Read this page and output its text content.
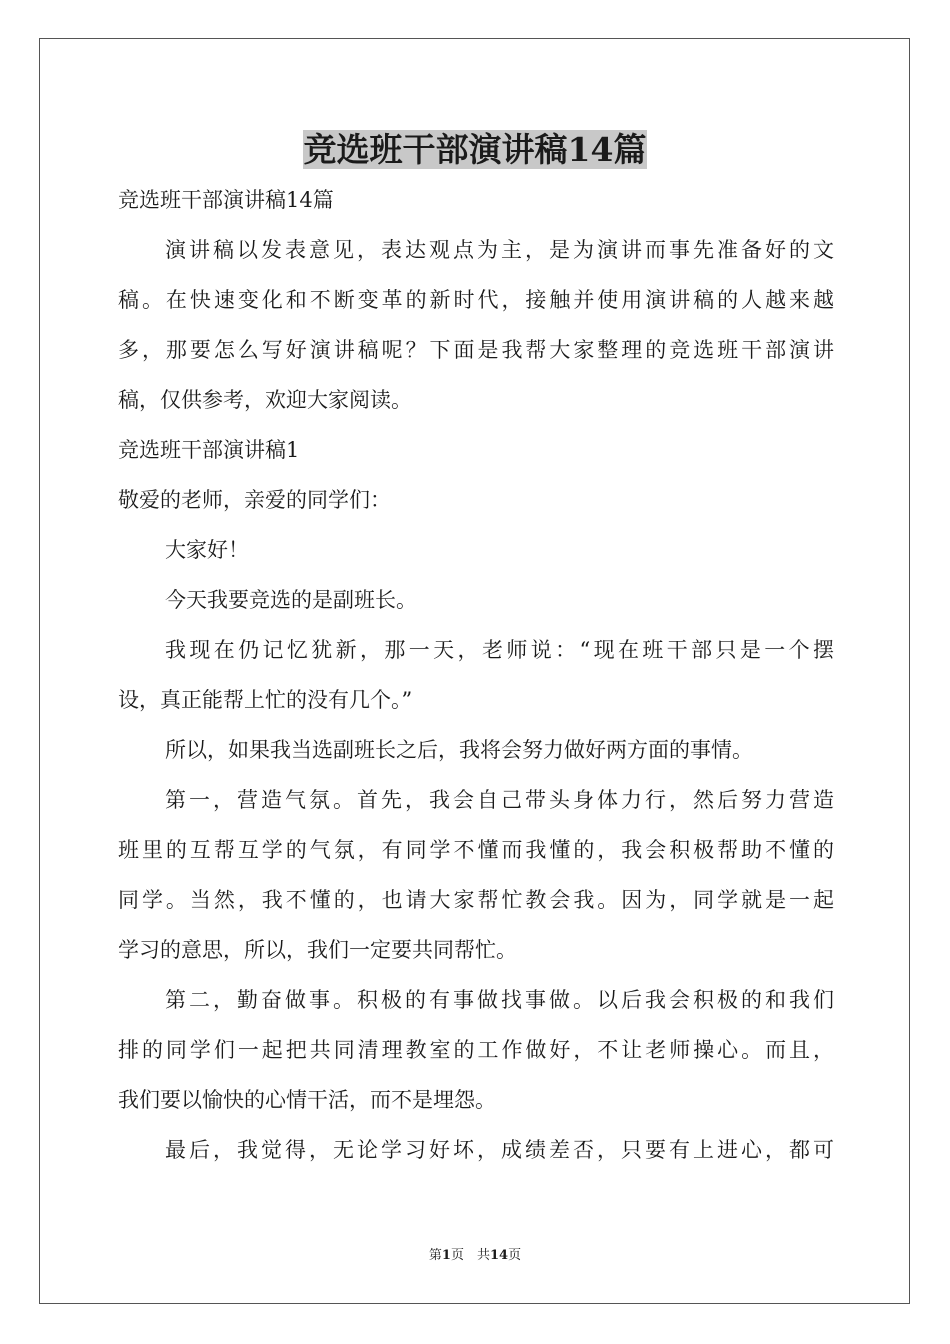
竞选班干部演讲稿14篇

竞选班干部演讲稿14篇

演讲稿以发表意见，表达观点为主，是为演讲而事先准备好的文

稿。在快速变化和不断变革的新时代，接触并使用演讲稿的人越来越

多，那要怎么写好演讲稿呢？下面是我帮大家整理的竞选班干部演讲

稿，仅供参考，欢迎大家阅读。

竞选班干部演讲稿1

敬爱的老师，亲爱的同学们：

大家好！

今天我要竞选的是副班长。

我现在仍记忆犹新，那一天，老师说：“现在班干部只是一个摆

设，真正能帮上忙的没有几个。”

所以，如果我当选副班长之后，我将会努力做好两方面的事情。

第一，营造气氛。首先，我会自己带头身体力行，然后努力营造

班里的互帮互学的气氛，有同学不懂而我懂的，我会积极帮助不懂的

同学。当然，我不懂的，也请大家帮忙教会我。因为，同学就是一起

学习的意思，所以，我们一定要共同帮忙。

第二，勤奋做事。积极的有事做找事做。以后我会积极的和我们

排的同学们一起把共同清理教室的工作做好，不让老师操心。而且，

我们要以愉快的心情干活，而不是埋怨。

最后，我觉得，无论学习好坏，成绩差否，只要有上进心，都可

第1页　共14页
